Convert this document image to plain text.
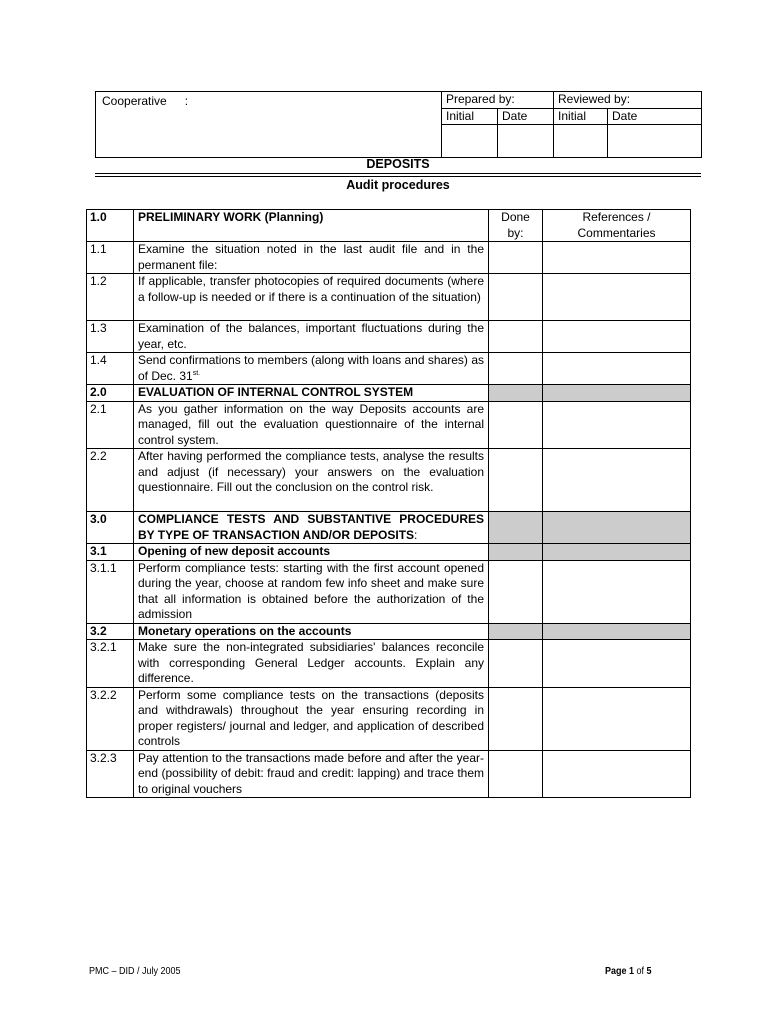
Cooperative :	Prepared by:		Reviewed by:	
	Initial	Date	Initial	Date

DEPOSITS
Audit procedures
1.0	PRELIMINARY WORK (Planning)	Done by:	References / Commentaries
1.1	Examine the situation noted in the last audit file and in the permanent file:		
1.2	If applicable, transfer photocopies of required documents (where a follow-up is needed or if there is a continuation of the situation)		
1.3	Examination of the balances, important fluctuations during the year, etc.		
1.4	Send confirmations to members (along with loans and shares) as of Dec. $31^{st.}$		
2.0	EVALUATION OF INTERNAL CONTROL SYSTEM		
2.1	As you gather information on the way Deposits accounts are managed, fill out the evaluation questionnaire of the internal control system.		
2.2	After having performed the compliance tests, analyse the results and adjust (if necessary) your answers on the evaluation questionnaire. Fill out the conclusion on the control risk.		
3.0	COMPLIANCE TESTS AND SUBSTANTIVE PROCEDURES BY TYPE OF TRANSACTION AND/OR DEPOSITS:		
3.1	Opening of new deposit accounts		
3.1.1	Perform compliance tests: starting with the first account opened during the year, choose at random few info sheet and make sure that all information is obtained before the authorization of the admission		
3.2	Monetary operations on the accounts		
3.2.1	Make sure the non-integrated subsidiaries' balances reconcile with corresponding General Ledger accounts. Explain any difference.		
3.2.2	Perform some compliance tests on the transactions (deposits and withdrawals) throughout the year ensuring recording in proper registers/ journal and ledger, and application of described controls		
3.2.3	Pay attention to the transactions made before and after the year-end (possibility of debit: fraud and credit: lapping) and trace them to original vouchers		
PMC – DID / July 2005	Page 1 of 5
